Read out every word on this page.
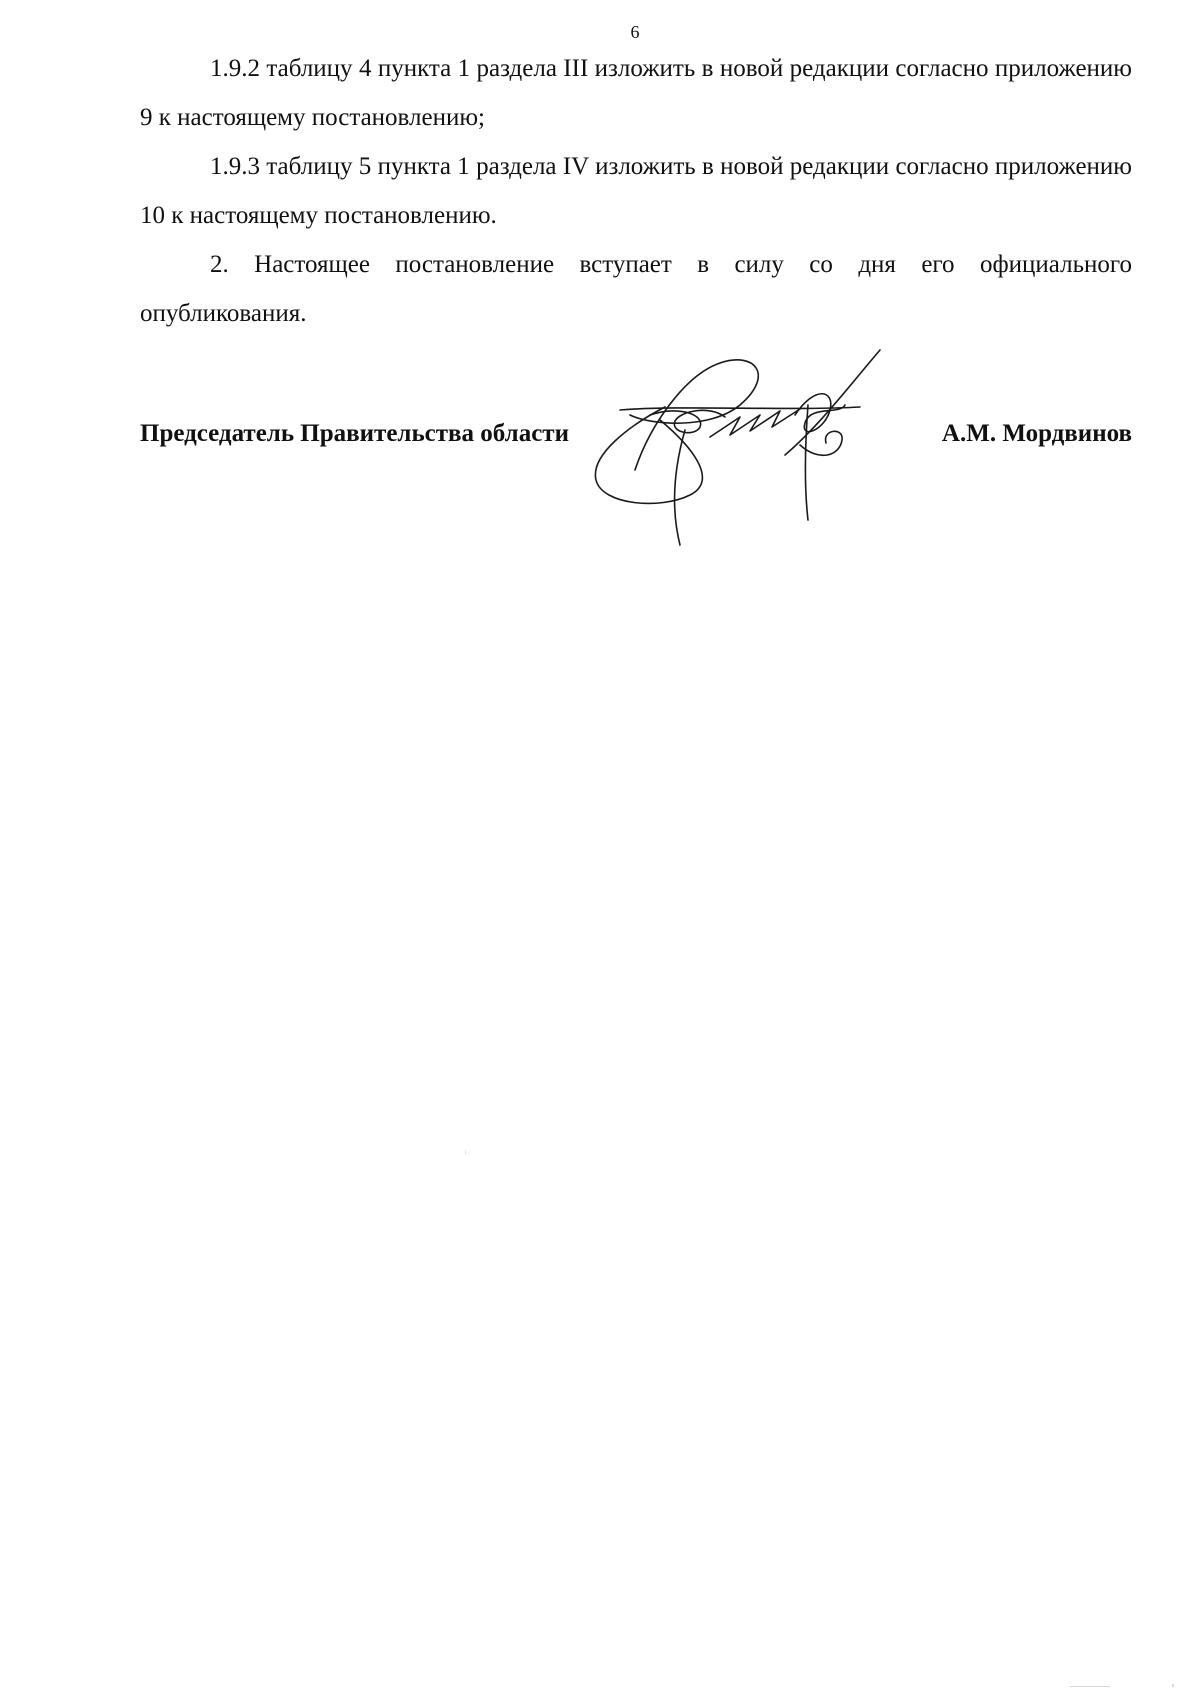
6

1.9.2 таблицу 4 пункта 1 раздела III изложить в новой редакции согласно приложению 9 к настоящему постановлению;

1.9.3 таблицу 5 пункта 1 раздела IV изложить в новой редакции согласно приложению 10 к настоящему постановлению.

2. Настоящее постановление вступает в силу со дня его официального опубликования.

Председатель Правительства области	А.М. Мордвинов
